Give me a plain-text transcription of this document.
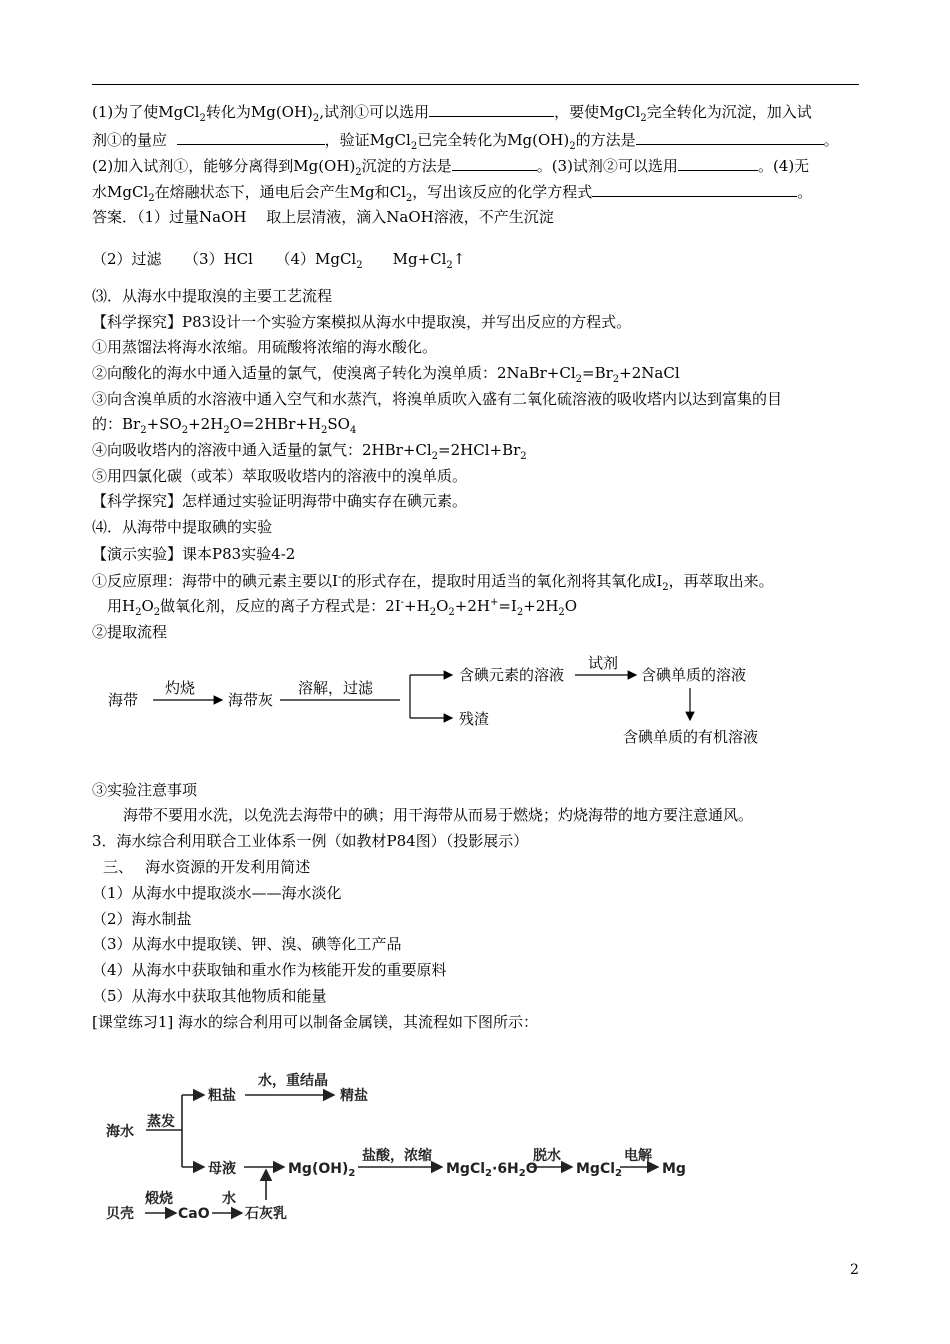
(1)为了使MgCl$_2$转化为$Mg(OH)_2$,试剂①可以选用	，要使MgCl$_2$完全转化为沉淀，加入试
剂①的量应	，验证MgCl$_2$已完全转化为$Mg(OH)_2$的方法是	。
(2)加入试剂①，能够分离得到$Mg(OH)_2$沉淀的方法是	。(3)试剂②可以选用	。(4)无
水MgCl$_2$在熔融状态下，通电后会产生Mg和$Cl_2$，写出该反应的化学方程式	。
答案．（1）过量NaOH　 取上层清液，滴入NaOH溶液，不产生沉淀
（2）过滤　　（3）HCl　　（4）MgCl$_2$　　$Mg+Cl_2↑$
⑶．从海水中提取溴的主要工艺流程
【科学探究】P83设计一个实验方案模拟从海水中提取溴，并写出反应的方程式。
①用蒸馏法将海水浓缩。用硫酸将浓缩的海水酸化。
②向酸化的海水中通入适量的氯气，使溴离子转化为溴单质：$2NaBr+Cl_2=Br_2+2NaCl$
③向含溴单质的水溶液中通入空气和水蒸汽，将溴单质吹入盛有二氧化硫溶液的吸收塔内以达到富集的目
的：$Br_2+SO_2+2H_2O=2HBr+H_2SO_4$
④向吸收塔内的溶液中通入适量的氯气：$2HBr+Cl_2=2HCl+Br_2$
⑤用四氯化碳（或苯）萃取吸收塔内的溶液中的溴单质。
【科学探究】怎样通过实验证明海带中确实存在碘元素。
⑷．从海带中提取碘的实验
【演示实验】课本P83实验4-2
①反应原理：海带中的碘元素主要以I-的形式存在，提取时用适当的氧化剂将其氧化成$I_2$，再萃取出来。
用$H_2O_2$做氧化剂，反应的离子方程式是：$2I^-+H_2O_2+2H^+=I_2+2H_2O$
②提取流程
海带
灼烧
海带灰
溶解，过滤
含碘元素的溶液
试剂
含碘单质的溶液
残渣
含碘单质的有机溶液
③实验注意事项
海带不要用水洗，以免洗去海带中的碘；用干海带从而易于燃烧；灼烧海带的地方要注意通风。
3．海水综合利用联合工业体系一例（如教材P84图）（投影展示）
三、　 海水资源的开发利用简述
（1）从海水中提取淡水——海水淡化
（2）海水制盐
（3）从海水中提取镁、钾、溴、碘等化工产品
（4）从海水中获取铀和重水作为核能开发的重要原料
（5）从海水中获取其他物质和能量
[课堂练习1] 海水的综合利用可以制备金属镁，其流程如下图所示：
海水
蒸发
粗盐
水，重结晶
精盐
母液	$Mg(OH)_2$
盐酸，浓缩
$MgCl_2\cdot 6H_2O$
脱水
MgCl$_2$
电解
Mg
贝壳
煅烧
CaO
水
石灰乳
2
